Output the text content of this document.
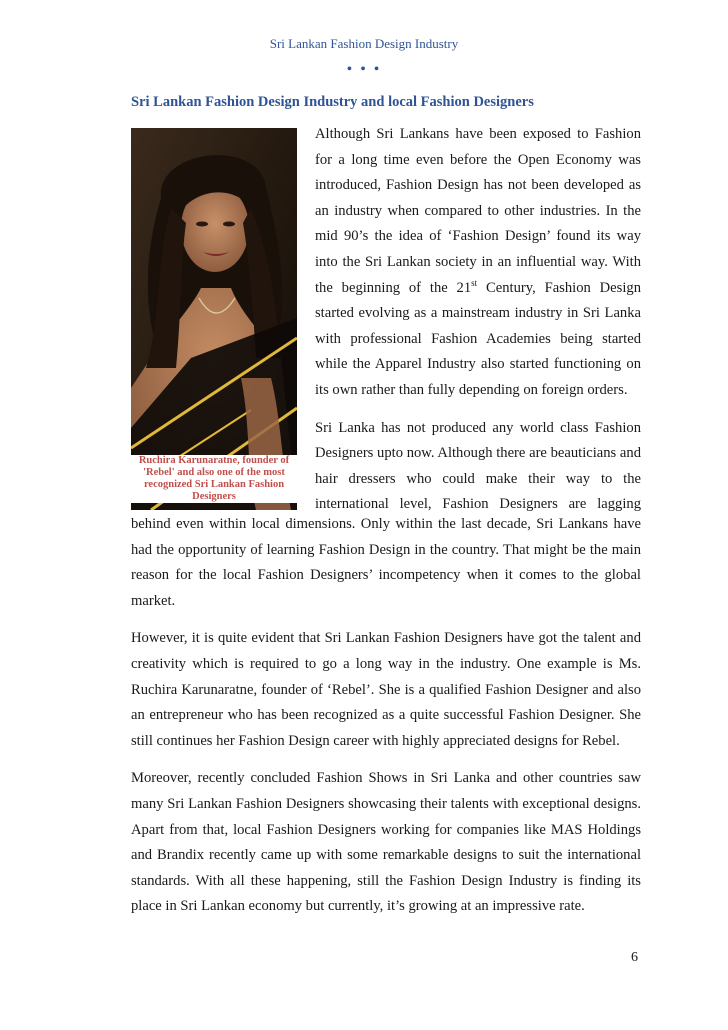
Sri Lankan Fashion Design Industry
• • •
Sri Lankan Fashion Design Industry and local Fashion Designers
Ruchira Karunaratne, founder of 'Rebel' and also one of the most recognized Sri Lankan Fashion Designers

Although Sri Lankans have been exposed to Fashion for a long time even before the Open Economy was introduced, Fashion Design has not been developed as an industry when compared to other industries. In the mid 90’s the idea of ‘Fashion Design’ found its way into the Sri Lankan society in an influential way. With the beginning of the 21st Century, Fashion Design started evolving as a mainstream industry in Sri Lanka with professional Fashion Academies being started while the Apparel Industry also started functioning on its own rather than fully depending on foreign orders.

Sri Lanka has not produced any world class Fashion Designers upto now. Although there are beauticians and hair dressers who could make their way to the international level, Fashion Designers are lagging

behind even within local dimensions. Only within the last decade, Sri Lankans have had the opportunity of learning Fashion Design in the country. That might be the main reason for the local Fashion Designers’ incompetency when it comes to the global market.

However, it is quite evident that Sri Lankan Fashion Designers have got the talent and creativity which is required to go a long way in the industry. One example is Ms. Ruchira Karunaratne, founder of ‘Rebel’. She is a qualified Fashion Designer and also an entrepreneur who has been recognized as a quite successful Fashion Designer. She still continues her Fashion Design career with highly appreciated designs for Rebel.

Moreover, recently concluded Fashion Shows in Sri Lanka and other countries saw many Sri Lankan Fashion Designers showcasing their talents with exceptional designs. Apart from that, local Fashion Designers working for companies like MAS Holdings and Brandix recently came up with some remarkable designs to suit the international standards. With all these happening, still the Fashion Design Industry is finding its place in Sri Lankan economy but currently, it’s growing at an impressive rate.

6
